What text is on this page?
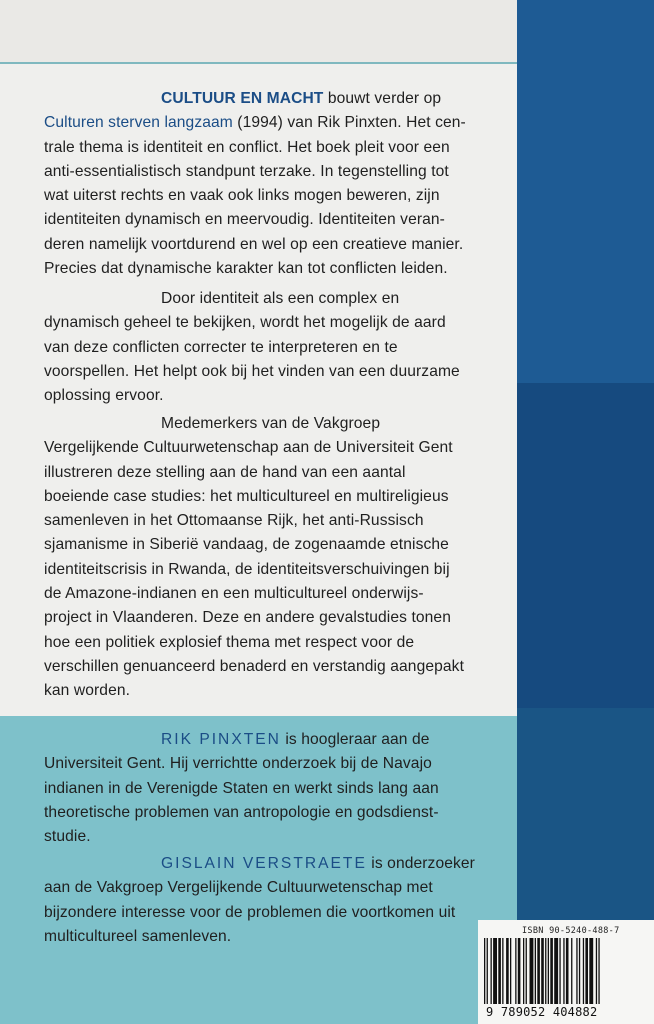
CULTUUR EN MACHT bouwt verder op
Culturen sterven langzaam (1994) van Rik Pinxten. Het cen-
trale thema is identiteit en conflict. Het boek pleit voor een
anti-essentialistisch standpunt terzake. In tegenstelling tot
wat uiterst rechts en vaak ook links mogen beweren, zijn
identiteiten dynamisch en meervoudig. Identiteiten veran-
deren namelijk voortdurend en wel op een creatieve manier.
Precies dat dynamische karakter kan tot conflicten leiden.
Door identiteit als een complex en
dynamisch geheel te bekijken, wordt het mogelijk de aard
van deze conflicten correcter te interpreteren en te
voorspellen. Het helpt ook bij het vinden van een duurzame
oplossing ervoor.
Medemerkers van de Vakgroep
Vergelijkende Cultuurwetenschap aan de Universiteit Gent
illustreren deze stelling aan de hand van een aantal
boeiende case studies: het multicultureel en multireligieus
samenleven in het Ottomaanse Rijk, het anti-Russisch
sjamanisme in Siberië vandaag, de zogenaamde etnische
identiteitscrisis in Rwanda, de identiteitsverschuivingen bij
de Amazone-indianen en een multicultureel onderwijs-
project in Vlaanderen. Deze en andere gevalstudies tonen
hoe een politiek explosief thema met respect voor de
verschillen genuanceerd benaderd en verstandig aangepakt
kan worden.
RIK PINXTEN is hoogleraar aan de
Universiteit Gent. Hij verrichtte onderzoek bij de Navajo
indianen in de Verenigde Staten en werkt sinds lang aan
theoretische problemen van antropologie en godsdienst-
studie.
GISLAIN VERSTRAETE is onderzoeker
aan de Vakgroep Vergelijkende Cultuurwetenschap met
bijzondere interesse voor de problemen die voortkomen uit
multicultureel samenleven.	ISBN 90-5240-488-7
9 789052 404882
